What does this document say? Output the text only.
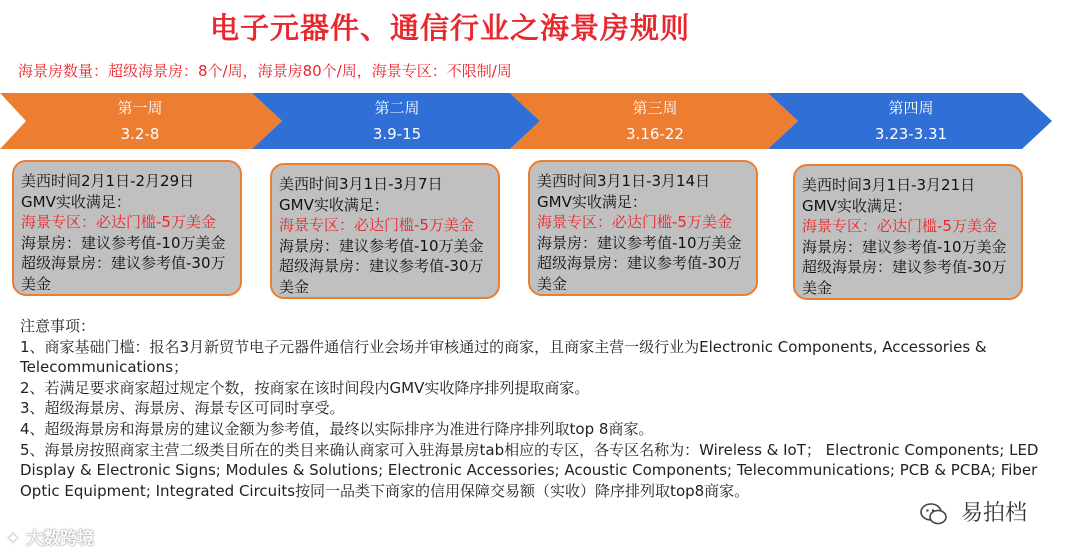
电子元器件、通信行业之海景房规则
海景房数量：超级海景房：8个/周，海景房80个/周，海景专区：不限制/周
第一周
3.2-8
第二周
3.9-15
第三周
3.16-22
第四周
3.23-3.31
美西时间2月1日-2月29日
GMV实收满足：
海景专区：必达门槛-5万美金
海景房：建议参考值-10万美金
超级海景房：建议参考值-30万美金
美西时间3月1日-3月7日
GMV实收满足：
海景专区：必达门槛-5万美金
海景房：建议参考值-10万美金
超级海景房：建议参考值-30万美金
美西时间3月1日-3月14日
GMV实收满足：
海景专区：必达门槛-5万美金
海景房：建议参考值-10万美金
超级海景房：建议参考值-30万美金
美西时间3月1日-3月21日
GMV实收满足：
海景专区：必达门槛-5万美金
海景房：建议参考值-10万美金
超级海景房：建议参考值-30万美金
注意事项：
1、商家基础门槛：报名3月新贸节电子元器件通信行业会场并审核通过的商家，且商家主营一级行业为Electronic Components, Accessories & Telecommunications；
2、若满足要求商家超过规定个数，按商家在该时间段内GMV实收降序排列提取商家。
3、超级海景房、海景房、海景专区可同时享受。
4、超级海景房和海景房的建议金额为参考值，最终以实际排序为准进行降序排列取top 8商家。
5、海景房按照商家主营二级类目所在的类目来确认商家可入驻海景房tab相应的专区，各专区名称为：Wireless & IoT； Electronic Components; LED Display & Electronic Signs; Modules & Solutions; Electronic Accessories; Acoustic Components; Telecommunications; PCB & PCBA; Fiber Optic Equipment; Integrated Circuits按同一品类下商家的信用保障交易额（实收）降序排列取top8商家。
✦ 大数跨境
易拍档
